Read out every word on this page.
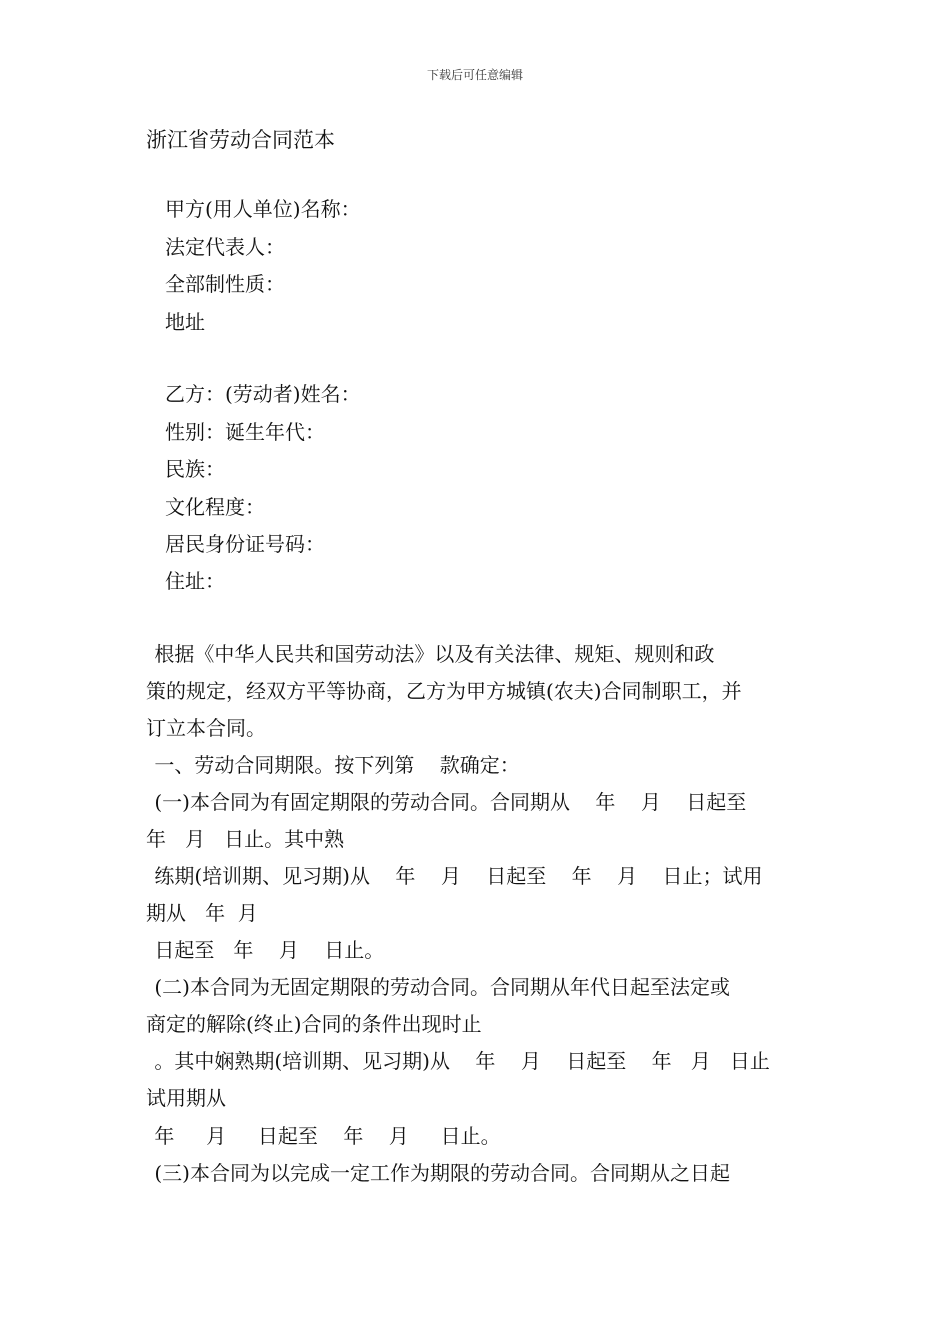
下载后可任意编辑
浙江省劳动合同范本
甲方(用人单位)名称：
法定代表人：
全部制性质：
地址
乙方：(劳动者)姓名：
性别：诞生年代：
民族：
文化程度：
居民身份证号码：
住址：
根据《中华人民共和国劳动法》以及有关法律、规矩、规则和政
策的规定，经双方平等协商，乙方为甲方城镇(农夫)合同制职工，并
订立本合同。
一、劳动合同期限。按下列第    款确定：
(一)本合同为有固定期限的劳动合同。合同期从    年    月    日起至
年   月   日止。其中熟
练期(培训期、见习期)从    年    月    日起至    年    月    日止；试用
期从   年  月
日起至   年    月    日止。
(二)本合同为无固定期限的劳动合同。合同期从年代日起至法定或
商定的解除(终止)合同的条件出现时止
。其中娴熟期(培训期、见习期)从    年    月    日起至    年   月   日止
试用期从
年     月     日起至    年    月     日止。
(三)本合同为以完成一定工作为期限的劳动合同。合同期从之日起
